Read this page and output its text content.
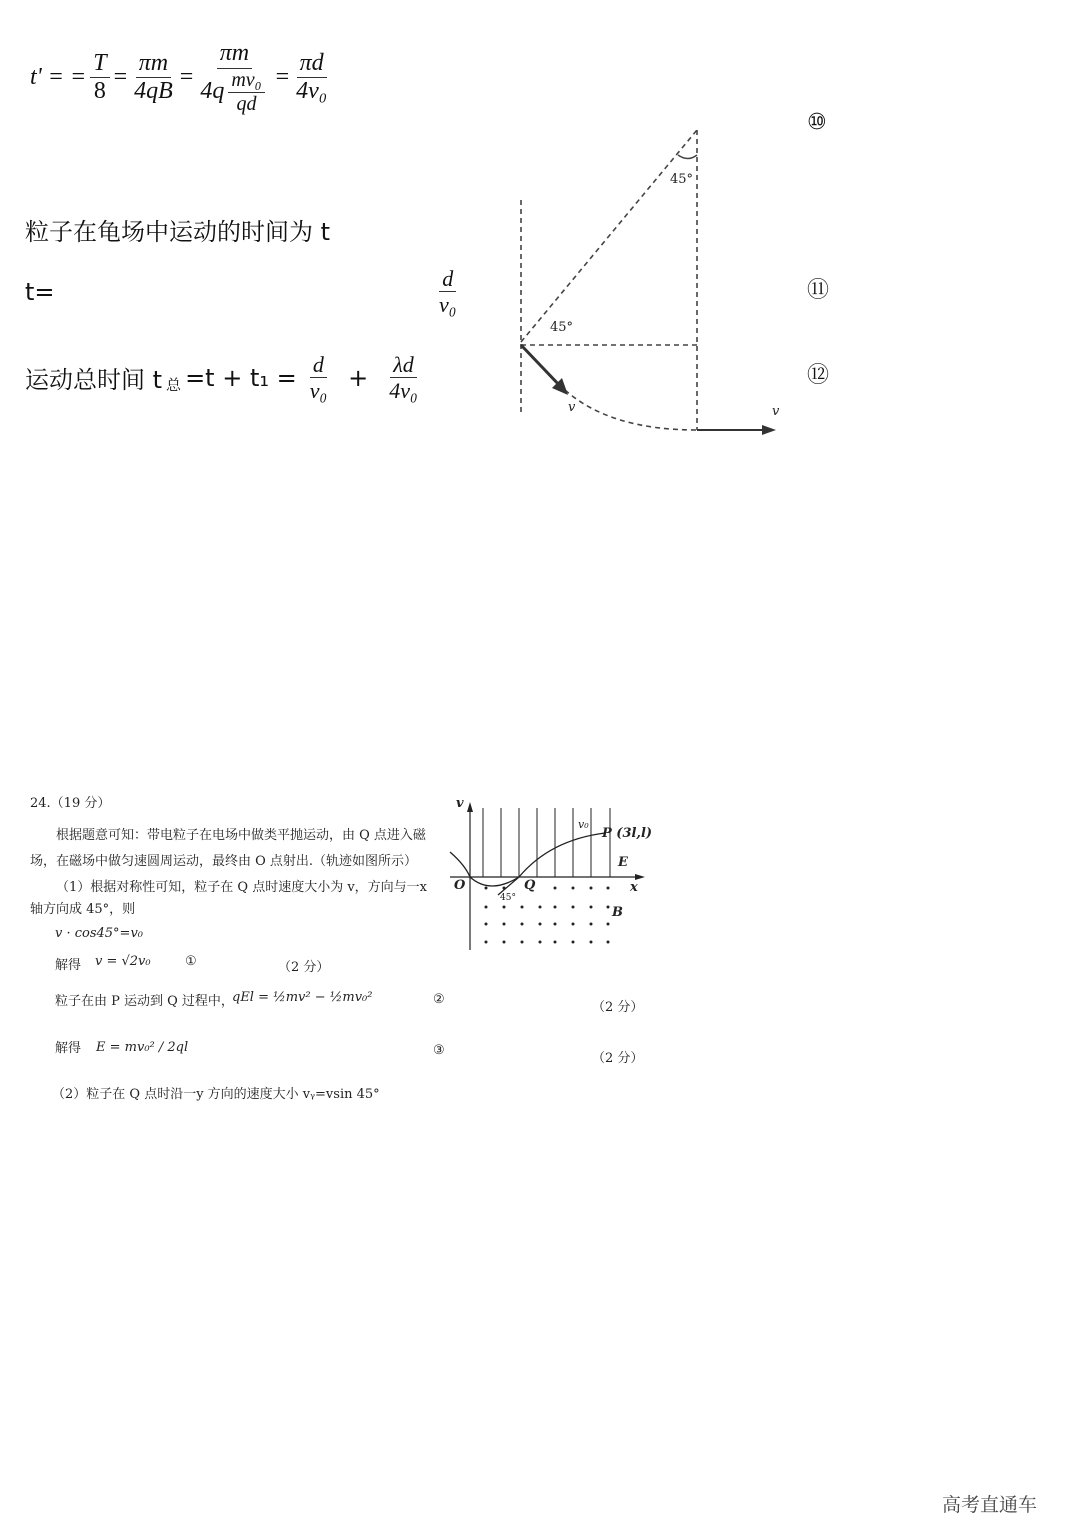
t' = = $\frac{T}{8} = \frac{\pi m}{4qB} = \frac{\pi m}{4q \frac{\text{mv₀}}{qd}} = \frac{\pi d}{\text{4v₀}}$
粒子在龟场中运动的时间为 t
t=	$\frac{d}{\text{v₀}}$
运动总时间 t $_总 =t + t_1 = \frac{d}{\text{v₀}} + \frac{\lambda d}{\text{4v₀}}$
45°
45°
v	v
⑩
⑪
⑫
24.（19 分）
根据题意可知：带电粒子在电场中做类平抛运动，由 Q 点进入磁
场，在磁场中做匀速圆周运动，最终由 O 点射出.（轨迹如图所示）
（1）根据对称性可知，粒子在 Q 点时速度大小为 v，方向与一x
轴方向成 45°，则
v · cos45°=v₀
解得 v = √2v₀	①	（2 分）
粒子在由 P 运动到 Q 过程中，
qEl = ½mv² − ½mv₀²	②
（2 分）
解得 E = mv₀² / 2ql	③
（2 分）
（2）粒子在 Q 点时沿一y 方向的速度大小 vᵧ=vsin 45°
v
x
O	Q
P (3l,l)
v₀
E
B
45°
高考直通车
